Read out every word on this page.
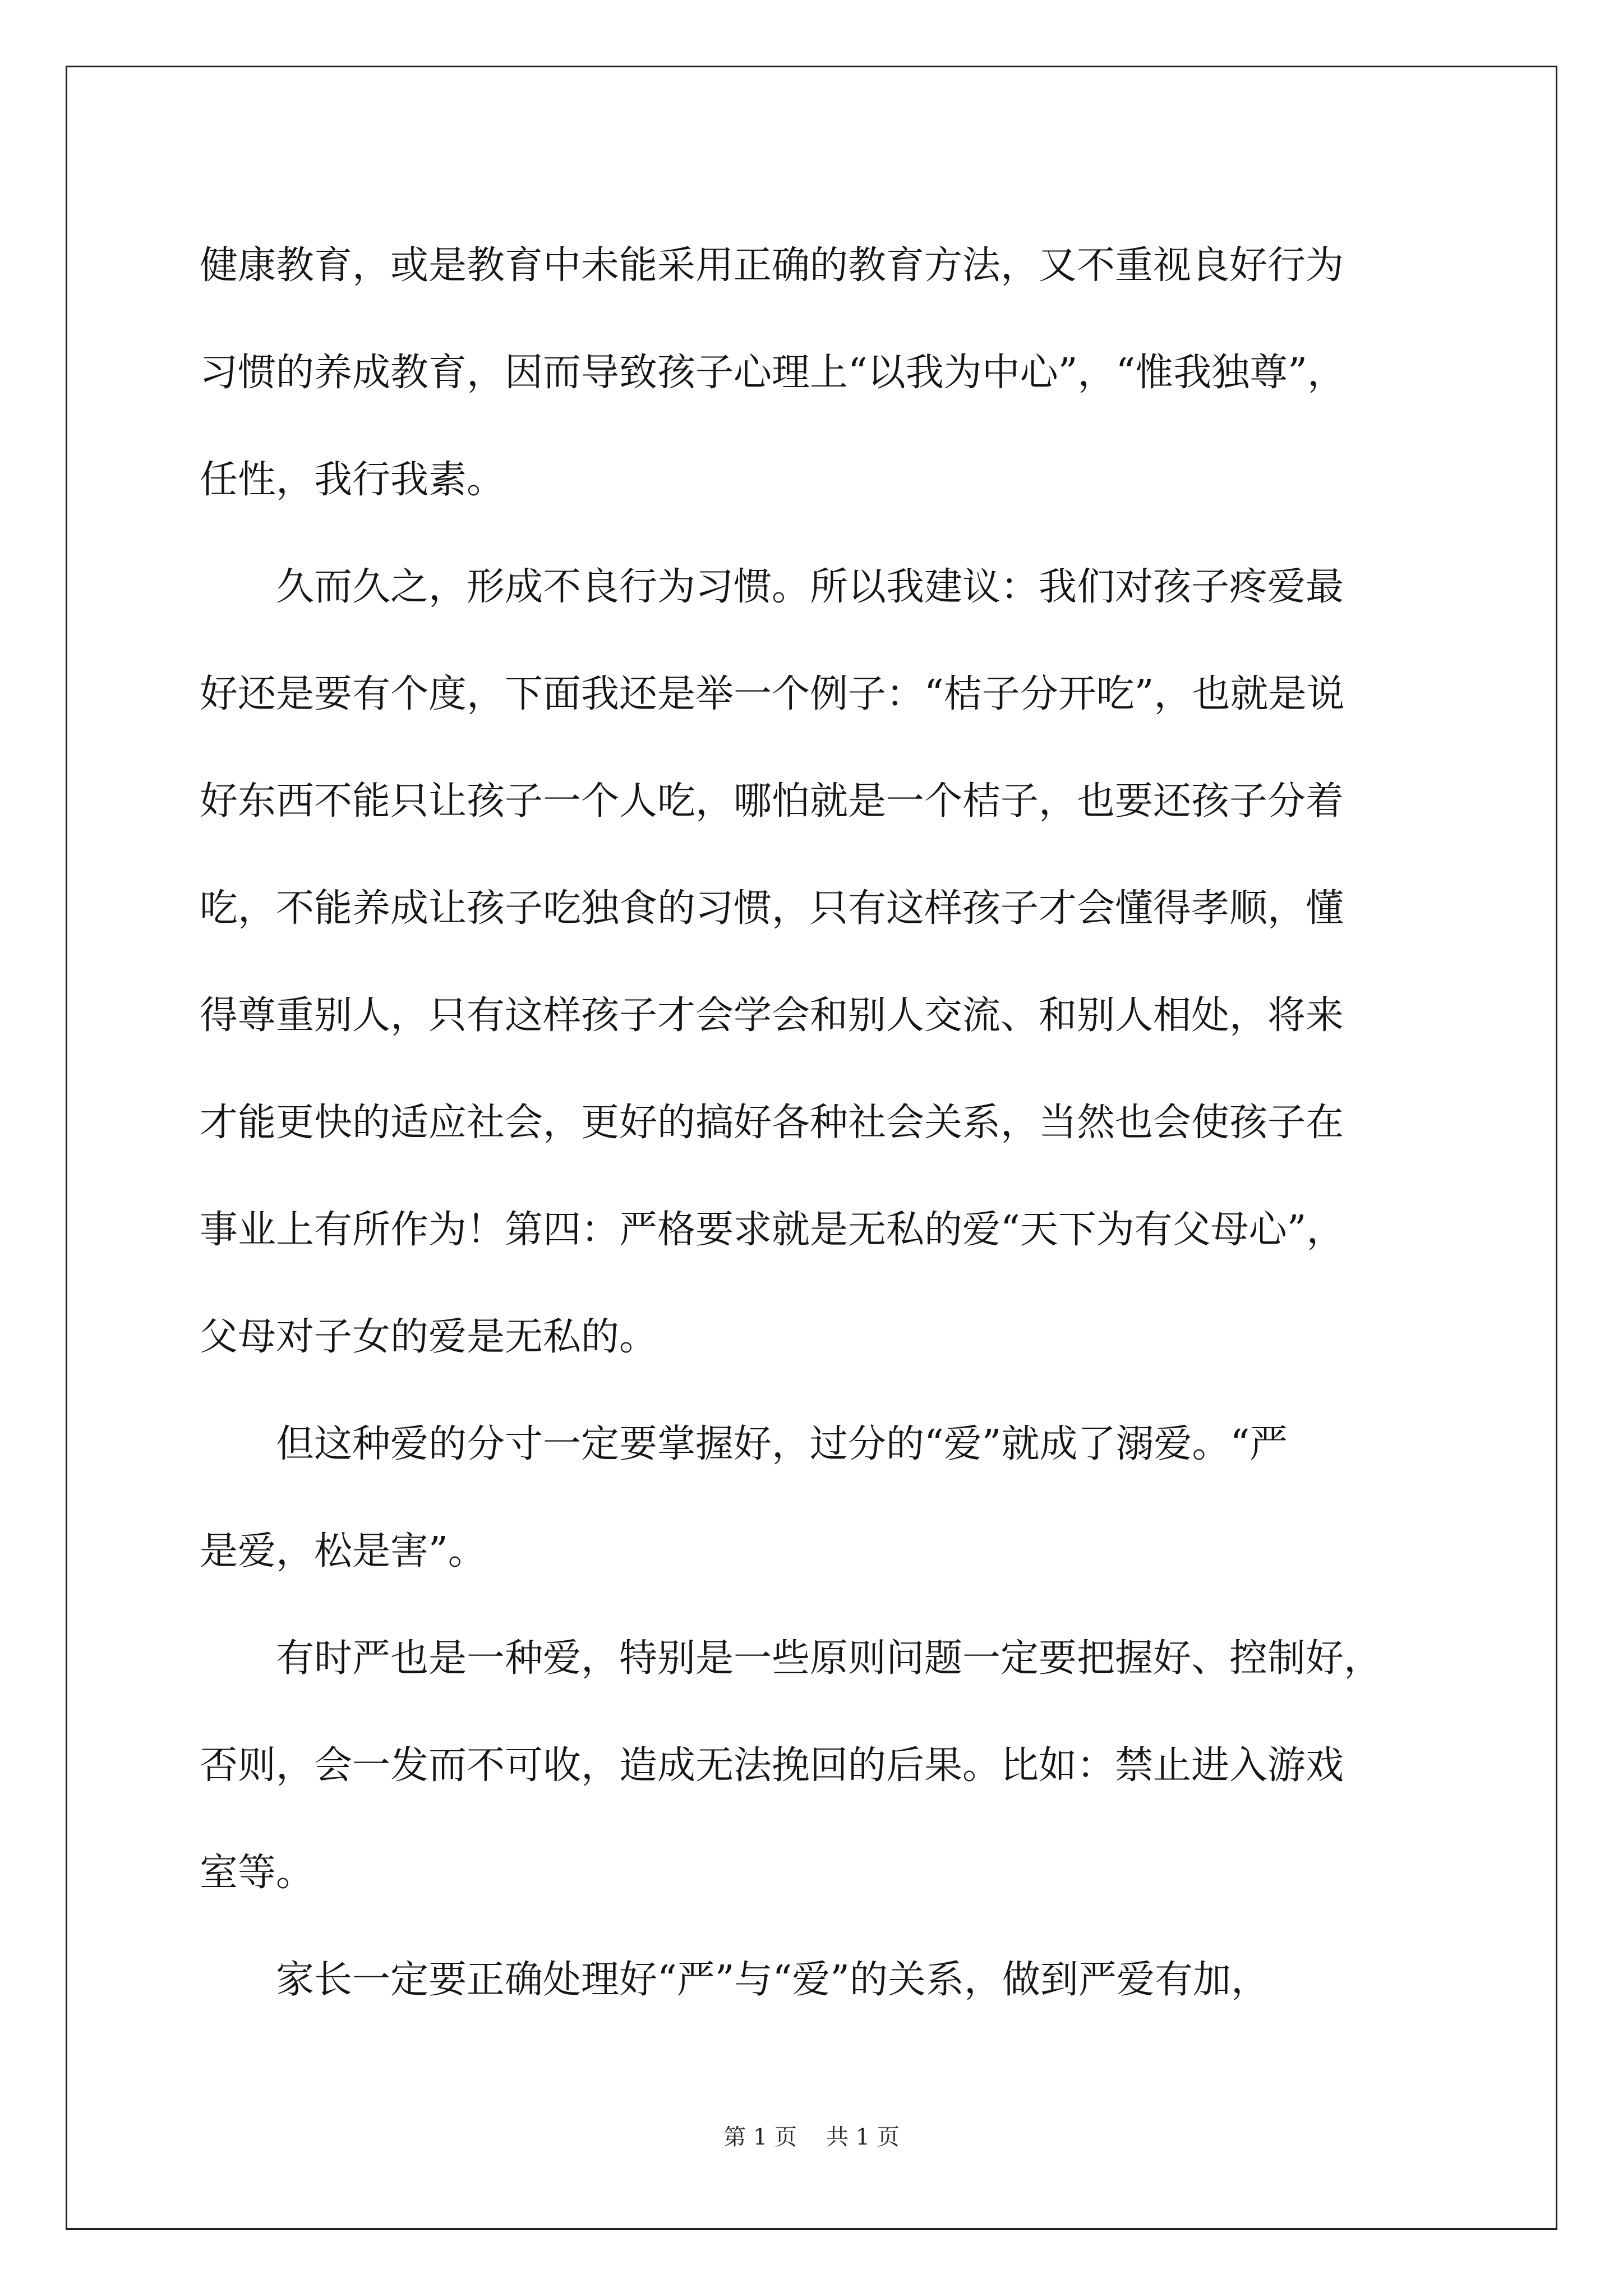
健康教育，或是教育中未能采用正确的教育方法，又不重视良好行为
习惯的养成教育，因而导致孩子心理上“以我为中心”，“惟我独尊”，
任性，我行我素。

久而久之，形成不良行为习惯。所以我建议：我们对孩子疼爱最
好还是要有个度，下面我还是举一个例子：“桔子分开吃”，也就是说
好东西不能只让孩子一个人吃，哪怕就是一个桔子，也要还孩子分着
吃，不能养成让孩子吃独食的习惯，只有这样孩子才会懂得孝顺，懂
得尊重别人，只有这样孩子才会学会和别人交流、和别人相处，将来
才能更快的适应社会，更好的搞好各种社会关系，当然也会使孩子在
事业上有所作为！第四：严格要求就是无私的爱“天下为有父母心”，
父母对子女的爱是无私的。

但这种爱的分寸一定要掌握好，过分的“爱”就成了溺爱。“严
是爱，松是害”。

有时严也是一种爱，特别是一些原则问题一定要把握好、控制好，
否则，会一发而不可收，造成无法挽回的后果。比如：禁止进入游戏
室等。

家长一定要正确处理好“严”与“爱”的关系，做到严爱有加，

第 1 页 共 1 页
